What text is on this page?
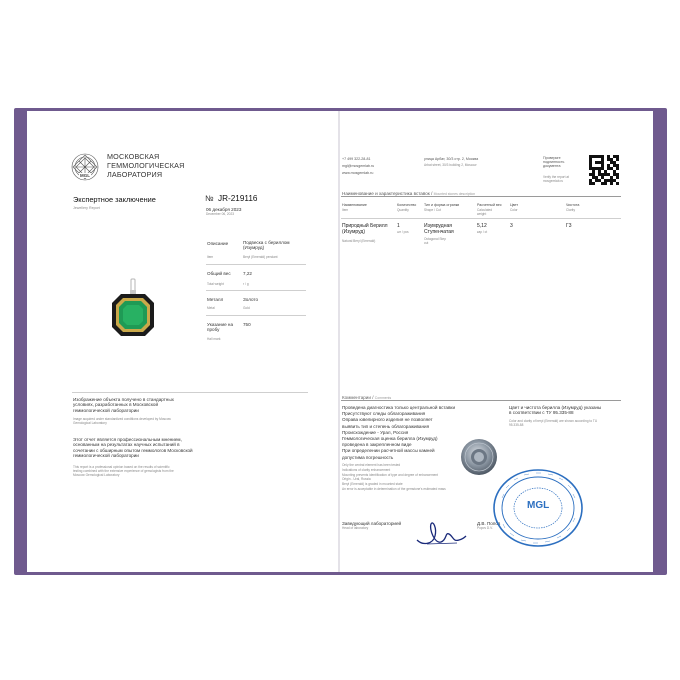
MGL
МОСКОВСКАЯ
ГЕММОЛОГИЧЕСКАЯ
ЛАБОРАТОРИЯ
Экспертное заключение
Jewellery Report
№ JR-219116
06 декабря 2023
December 06, 2023
Описание
Item
Подвеска с бериллом (Изумруд)
Beryl (Emerald) pendant
Общий вес
Total weight
7,22
г / g
Металл
Metal
Золото
Gold
Указание на пробу
Hall mark
750
Изображение объекта получено в стандартных условиях, разработанных в Московской геммологической лаборатории
Image acquired under standardized conditions developed by Moscow Gemological Laboratory
Этот отчет является профессиональным мнением, основанным на результатах научных испытаний в сочетании с обширным опытом геммологов Московской геммологической лаборатории
This report is a professional opinion based on the results of scientific testing combined with the extensive experience of gemologists from the Moscow Gemological Laboratory
+7 499 322-28-81
mgl@mosgemlab.ru
www.mosgemlab.ru
улица Арбат, 30/3 стр. 2, Москва
Arbat street, 30/3 building 2, Moscow
Проверьте подлинность документа
Verify the report at mosgemlab.ru
Наименование и характеристика вставок / Mounted stones description
Наименование
Item
Количество
Quantity
Тип и форма огранки
Shape / Cut
Расчетный вес
Calculated weight
Цвет
Color
Чистота
Clarity
Природный Берилл (Изумруд)
Natural Beryl (Emerald)
1
шт / pcs
Изумрудная Ступенчатая
Octagonal Step cut
5,12
кар / ct
3	Г3
Комментарии / Comments
Проведена диагностика только центральной вставки
Присутствуют следы облагораживания
Оправа ювелирного изделия не позволяет
выявить тип и степень облагораживания
Происхождение - Урал, Россия
Геммологическая оценка берилла (Изумруд)
проведена в закрепленном виде
При определении расчетной массы камней
допустима погрешность
Only the central element has been tested
Indications of clarity enhancement
Mounting prevents identification of type and degree of enhancement
Origin - Ural, Russia
Beryl (Emerald) is graded in mounted state
An error is acceptable in determination of the gemstone's estimated mass
Цвет и чистота берилла (Изумруд) указаны в соответствии с ТУ 95.335-88
Color and clarity of beryl (Emerald) are shown according to TU 95.335-88
Заведующий лабораторией
Head of laboratory
Д.В. Попов
Popov D.V.
MGL
